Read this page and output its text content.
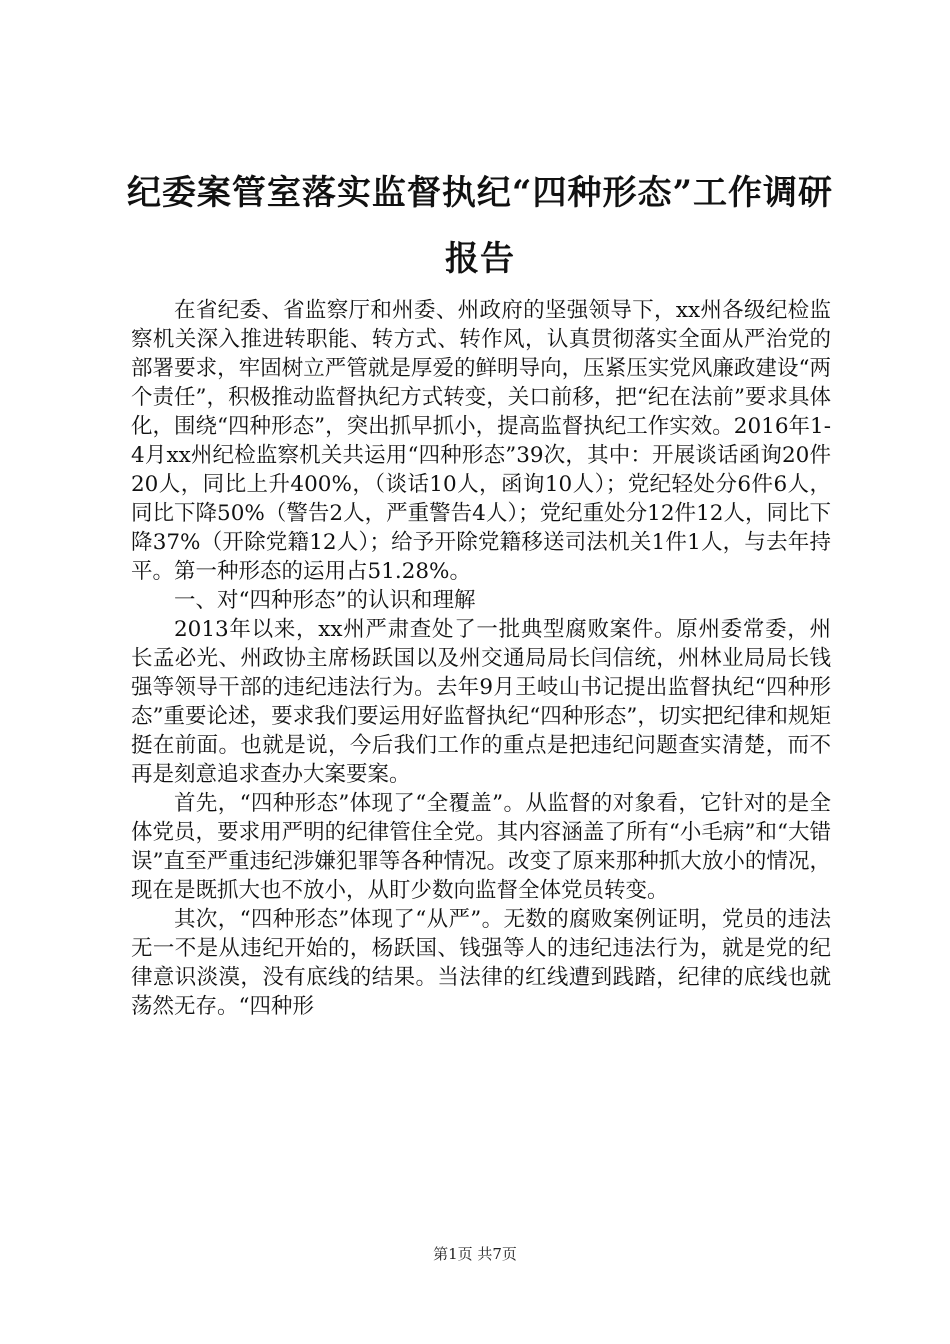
纪委案管室落实监督执纪“四种形态”工作调研报告

在省纪委、省监察厅和州委、州政府的坚强领导下，xx州各级纪检监察机关深入推进转职能、转方式、转作风，认真贯彻落实全面从严治党的部署要求，牢固树立严管就是厚爱的鲜明导向，压紧压实党风廉政建设“两个责任”，积极推动监督执纪方式转变，关口前移，把“纪在法前”要求具体化，围绕“四种形态”，突出抓早抓小，提高监督执纪工作实效。2016年1-4月xx州纪检监察机关共运用“四种形态”39次，其中：开展谈话函询20件20人，同比上升400%，（谈话10人，函询10人）；党纪轻处分6件6人，同比下降50%（警告2人，严重警告4人）；党纪重处分12件12人，同比下降37%（开除党籍12人）；给予开除党籍移送司法机关1件1人，与去年持平。第一种形态的运用占51.28%。

一、对“四种形态”的认识和理解

2013年以来，xx州严肃查处了一批典型腐败案件。原州委常委，州长孟必光、州政协主席杨跃国以及州交通局局长闫信统，州林业局局长钱强等领导干部的违纪违法行为。去年9月王岐山书记提出监督执纪“四种形态”重要论述，要求我们要运用好监督执纪“四种形态”，切实把纪律和规矩挺在前面。也就是说，今后我们工作的重点是把违纪问题查实清楚，而不再是刻意追求查办大案要案。

首先，“四种形态”体现了“全覆盖”。从监督的对象看，它针对的是全体党员，要求用严明的纪律管住全党。其内容涵盖了所有“小毛病”和“大错误”直至严重违纪涉嫌犯罪等各种情况。改变了原来那种抓大放小的情况，现在是既抓大也不放小，从盯少数向监督全体党员转变。

其次，“四种形态”体现了“从严”。无数的腐败案例证明，党员的违法无一不是从违纪开始的，杨跃国、钱强等人的违纪违法行为，就是党的纪律意识淡漠，没有底线的结果。当法律的红线遭到践踏，纪律的底线也就荡然无存。“四种形

第1页 共7页
